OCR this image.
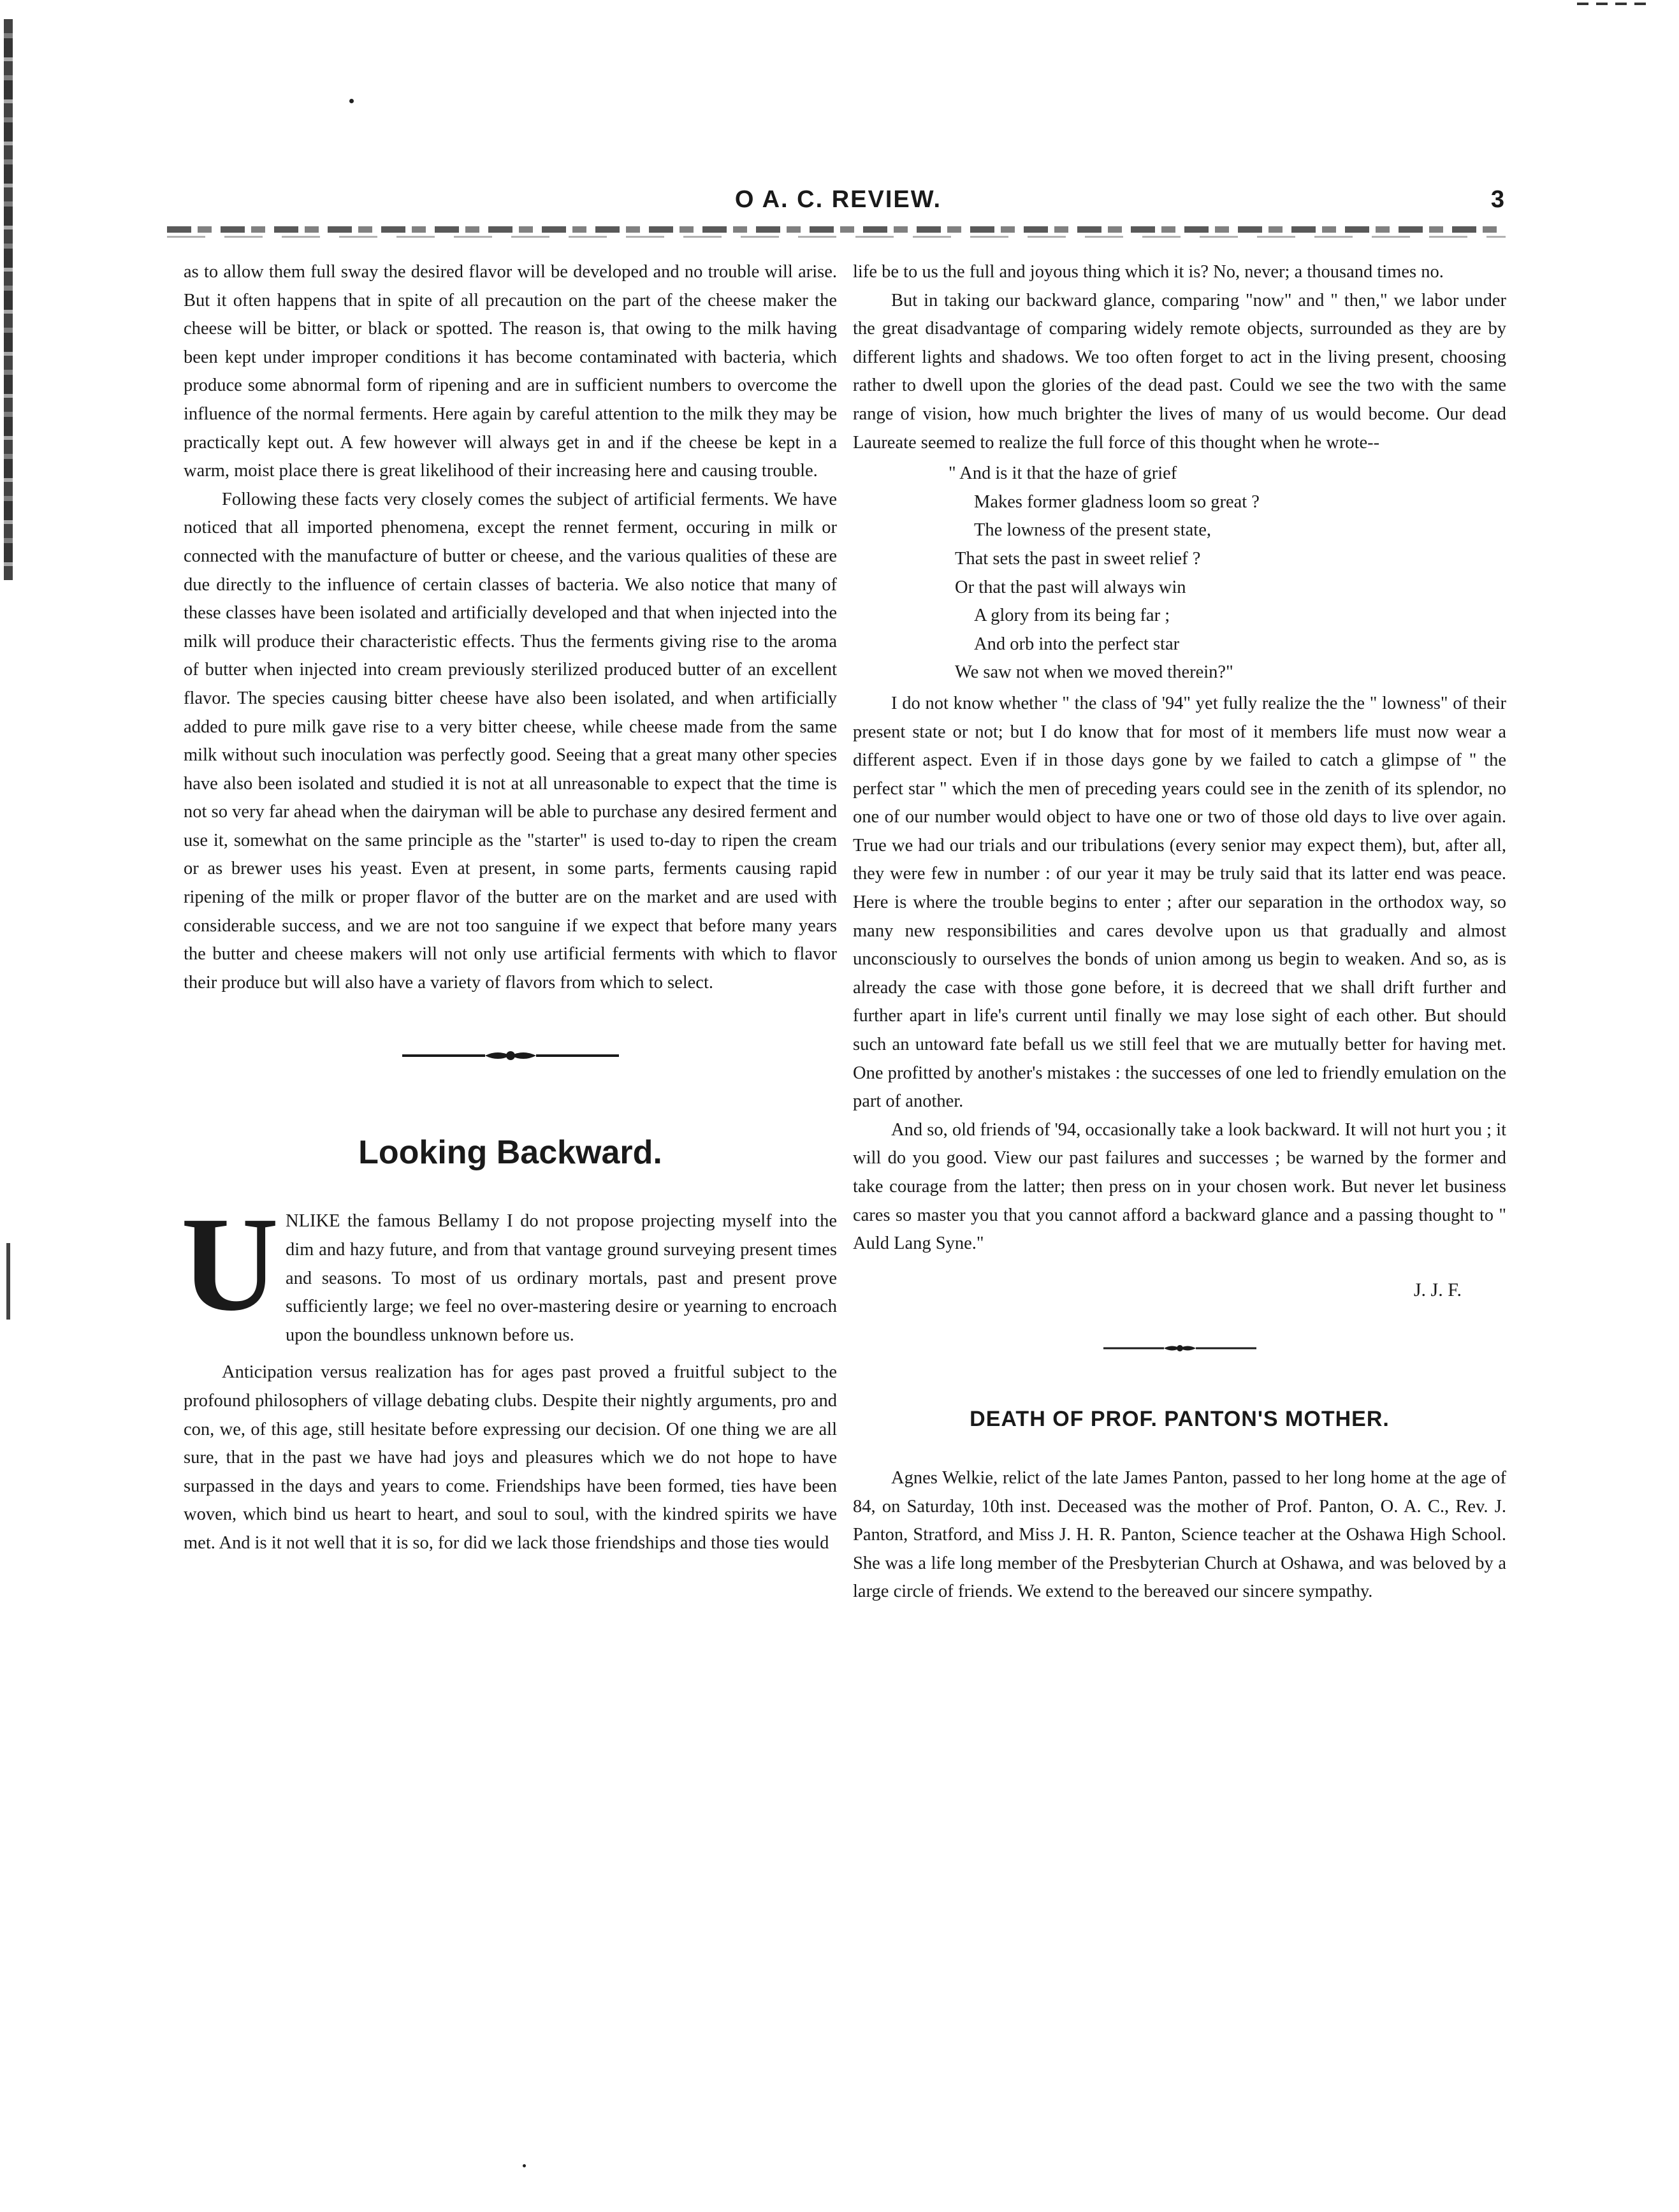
O A. C. REVIEW.	3

as to allow them full sway the desired flavor will be developed and no trouble will arise. But it often happens that in spite of all precaution on the part of the cheese maker the cheese will be bitter, or black or spotted. The reason is, that owing to the milk having been kept under improper conditions it has become contaminated with bacteria, which produce some abnormal form of ripening and are in sufficient numbers to overcome the influence of the normal ferments. Here again by careful attention to the milk they may be practically kept out. A few however will always get in and if the cheese be kept in a warm, moist place there is great likelihood of their increasing here and causing trouble.

Following these facts very closely comes the subject of artificial ferments. We have noticed that all imported phenomena, except the rennet ferment, occuring in milk or connected with the manufacture of butter or cheese, and the various qualities of these are due directly to the influence of certain classes of bacteria. We also notice that many of these classes have been isolated and artificially developed and that when injected into the milk will produce their characteristic effects. Thus the ferments giving rise to the aroma of butter when injected into cream previously sterilized produced butter of an excellent flavor. The species causing bitter cheese have also been isolated, and when artificially added to pure milk gave rise to a very bitter cheese, while cheese made from the same milk without such inoculation was perfectly good. Seeing that a great many other species have also been isolated and studied it is not at all unreasonable to expect that the time is not so very far ahead when the dairyman will be able to purchase any desired ferment and use it, somewhat on the same principle as the "starter" is used to-day to ripen the cream or as brewer uses his yeast. Even at present, in some parts, ferments causing rapid ripening of the milk or proper flavor of the butter are on the market and are used with considerable success, and we are not too sanguine if we expect that before many years the butter and cheese makers will not only use artificial ferments with which to flavor their produce but will also have a variety of flavors from which to select.

Looking Backward.
U NLIKE the famous Bellamy I do not propose projecting myself into the dim and hazy future, and from that vantage ground surveying present times and seasons. To most of us ordinary mortals, past and present prove sufficiently large; we feel no over-mastering desire or yearning to encroach upon the boundless unknown before us.

Anticipation versus realization has for ages past proved a fruitful subject to the profound philosophers of village debating clubs. Despite their nightly arguments, pro and con, we, of this age, still hesitate before expressing our decision. Of one thing we are all sure, that in the past we have had joys and pleasures which we do not hope to have surpassed in the days and years to come. Friendships have been formed, ties have been woven, which bind us heart to heart, and soul to soul, with the kindred spirits we have met. And is it not well that it is so, for did we lack those friendships and those ties would

life be to us the full and joyous thing which it is? No, never; a thousand times no.

But in taking our backward glance, comparing "now" and " then," we labor under the great disadvantage of comparing widely remote objects, surrounded as they are by different lights and shadows. We too often forget to act in the living present, choosing rather to dwell upon the glories of the dead past. Could we see the two with the same range of vision, how much brighter the lives of many of us would become. Our dead Laureate seemed to realize the full force of this thought when he wrote--

" And is it that the haze of grief
Makes former gladness loom so great ?
The lowness of the present state,
That sets the past in sweet relief ?
Or that the past will always win
A glory from its being far ;
And orb into the perfect star
We saw not when we moved therein?"

I do not know whether " the class of '94" yet fully realize the the " lowness" of their present state or not; but I do know that for most of it members life must now wear a different aspect. Even if in those days gone by we failed to catch a glimpse of " the perfect star " which the men of preceding years could see in the zenith of its splendor, no one of our number would object to have one or two of those old days to live over again. True we had our trials and our tribulations (every senior may expect them), but, after all, they were few in number : of our year it may be truly said that its latter end was peace. Here is where the trouble begins to enter ; after our separation in the orthodox way, so many new responsibilities and cares devolve upon us that gradually and almost unconsciously to ourselves the bonds of union among us begin to weaken. And so, as is already the case with those gone before, it is decreed that we shall drift further and further apart in life's current until finally we may lose sight of each other. But should such an untoward fate befall us we still feel that we are mutually better for having met. One profitted by another's mistakes : the successes of one led to friendly emulation on the part of another.

And so, old friends of '94, occasionally take a look backward. It will not hurt you ; it will do you good. View our past failures and successes ; be warned by the former and take courage from the latter; then press on in your chosen work. But never let business cares so master you that you cannot afford a backward glance and a passing thought to " Auld Lang Syne."

J. J. F.

DEATH OF PROF. PANTON'S MOTHER.

Agnes Welkie, relict of the late James Panton, passed to her long home at the age of 84, on Saturday, 10th inst. Deceased was the mother of Prof. Panton, O. A. C., Rev. J. Panton, Stratford, and Miss J. H. R. Panton, Science teacher at the Oshawa High School. She was a life long member of the Presbyterian Church at Oshawa, and was beloved by a large circle of friends. We extend to the bereaved our sincere sympathy.
